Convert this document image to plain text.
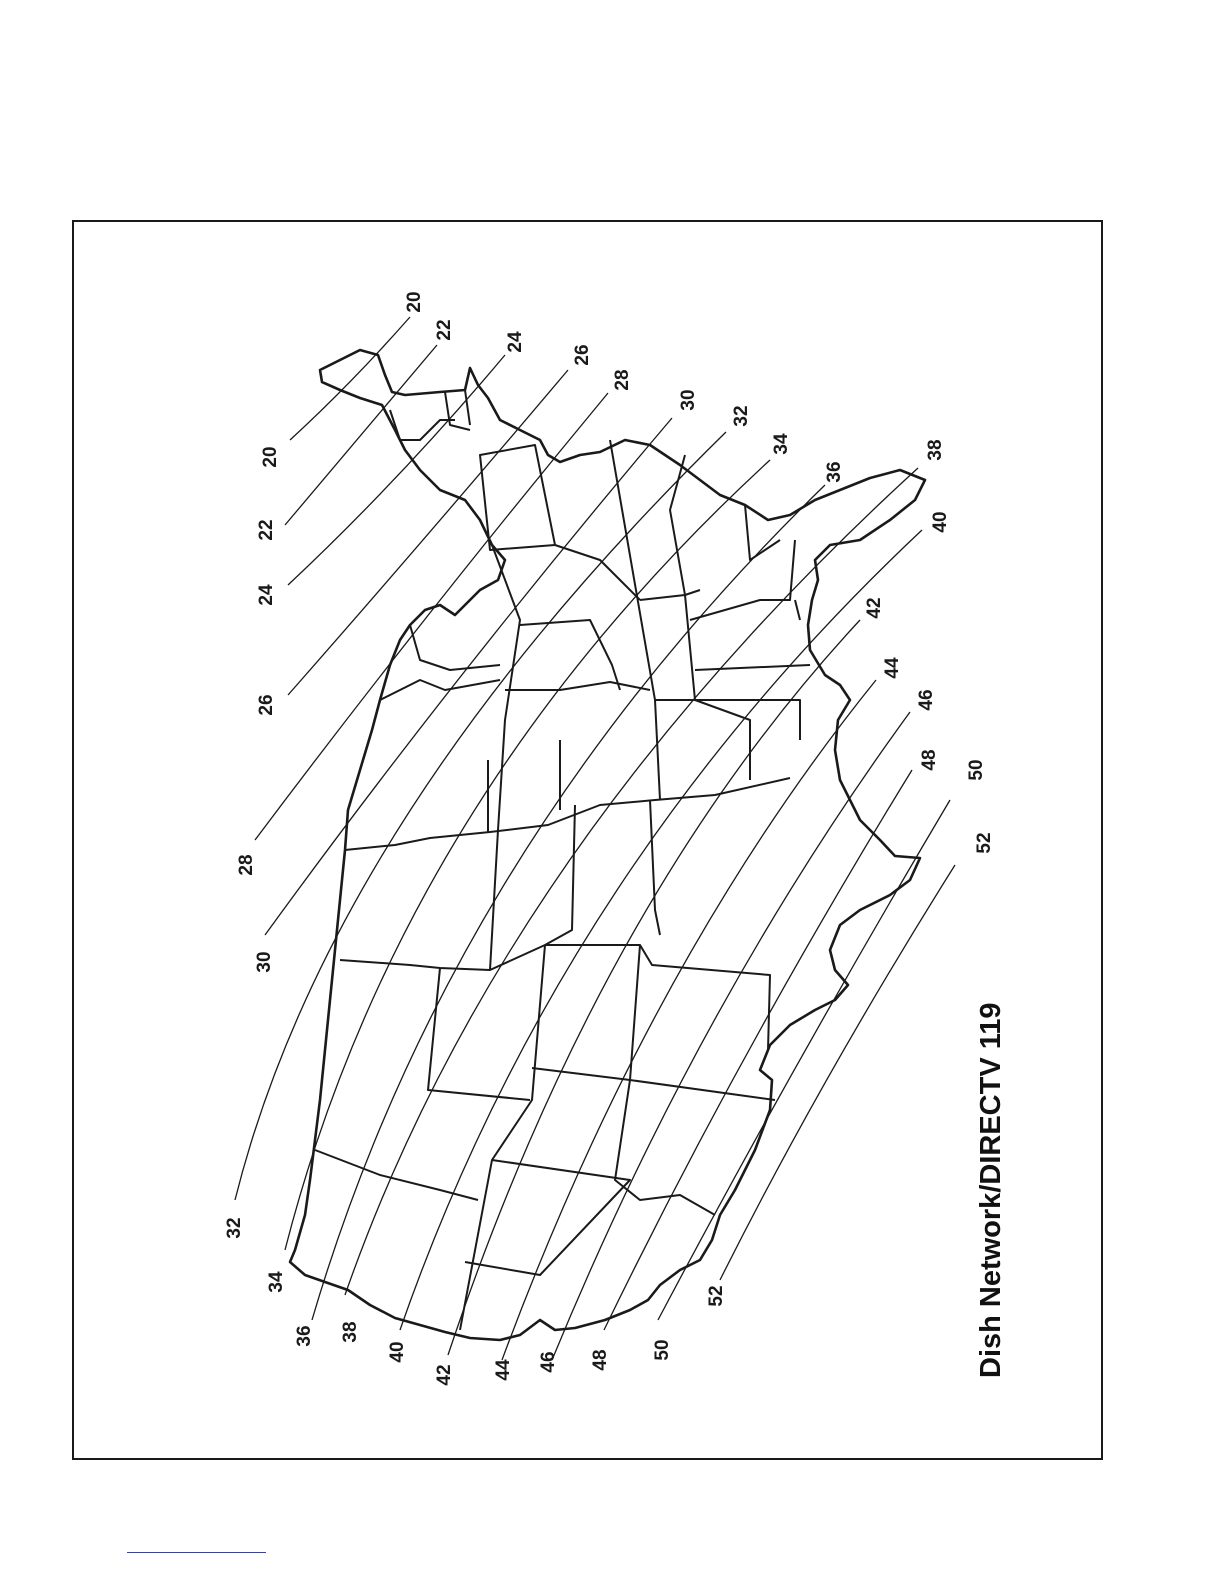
20
22
24
26
28
30
32
34
36
38
40
42
44
46
48 50
52
20
22
24
26
28
30
32
34
36 38
40
42 44 46 48 50
52	Dish Network/DIRECTV 119
